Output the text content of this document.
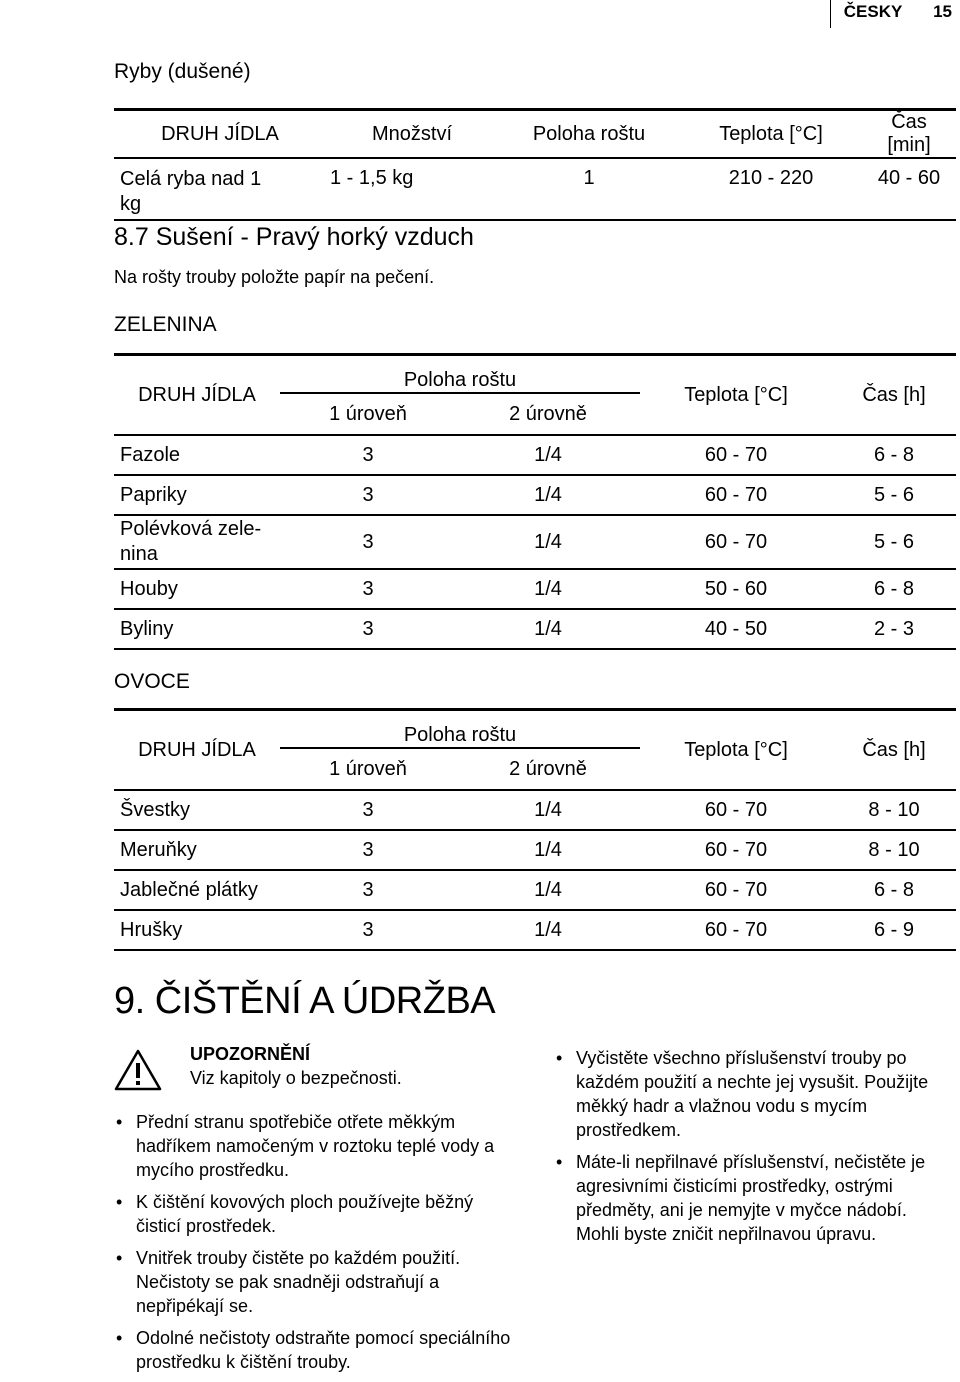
ČESKY 15

Ryby (dušené)

DRUH JÍDLA	Množství	Poloha roštu	Teplota [°C]	Čas [min]
Celá ryba nad 1 kg	1 - 1,5 kg	1	210 - 220	40 - 60

8.7 Sušení - Pravý horký vzduch

Na rošty trouby položte papír na pečení.

ZELENINA

DRUH JÍDLA	Poloha roštu		Teplota [°C]	Čas [h]
	1 úroveň	2 úrovně		
Fazole	3	1/4	60 - 70	6 - 8
Papriky	3	1/4	60 - 70	5 - 6
Polévková zele-nina	3	1/4	60 - 70	5 - 6
Houby	3	1/4	50 - 60	6 - 8
Byliny	3	1/4	40 - 50	2 - 3

OVOCE

DRUH JÍDLA	Poloha roštu		Teplota [°C]	Čas [h]
	1 úroveň	2 úrovně		
Švestky	3	1/4	60 - 70	8 - 10
Meruňky	3	1/4	60 - 70	8 - 10
Jablečné plátky	3	1/4	60 - 70	6 - 8
Hrušky	3	1/4	60 - 70	6 - 9
9. ČIŠTĚNÍ A ÚDRŽBA
UPOZORNĚNÍ
Viz kapitoly o bezpečnosti.
• Přední stranu spotřebiče otřete měkkým hadříkem namočeným v roztoku teplé vody a mycího prostředku.
• K čištění kovových ploch používejte běžný čisticí prostředek.
• Vnitřek trouby čistěte po každém použití. Nečistoty se pak snadněji odstraňují a nepřipékají se.
• Odolné nečistoty odstraňte pomocí speciálního prostředku k čištění trouby.
• Vyčistěte všechno příslušenství trouby po každém použití a nechte jej vysušit. Použijte měkký hadr a vlažnou vodu s mycím prostředkem.
• Máte-li nepřilnavé příslušenství, nečistěte je agresivními čisticími prostředky, ostrými předměty, ani je nemyjte v myčce nádobí. Mohli byste zničit nepřilnavou úpravu.
